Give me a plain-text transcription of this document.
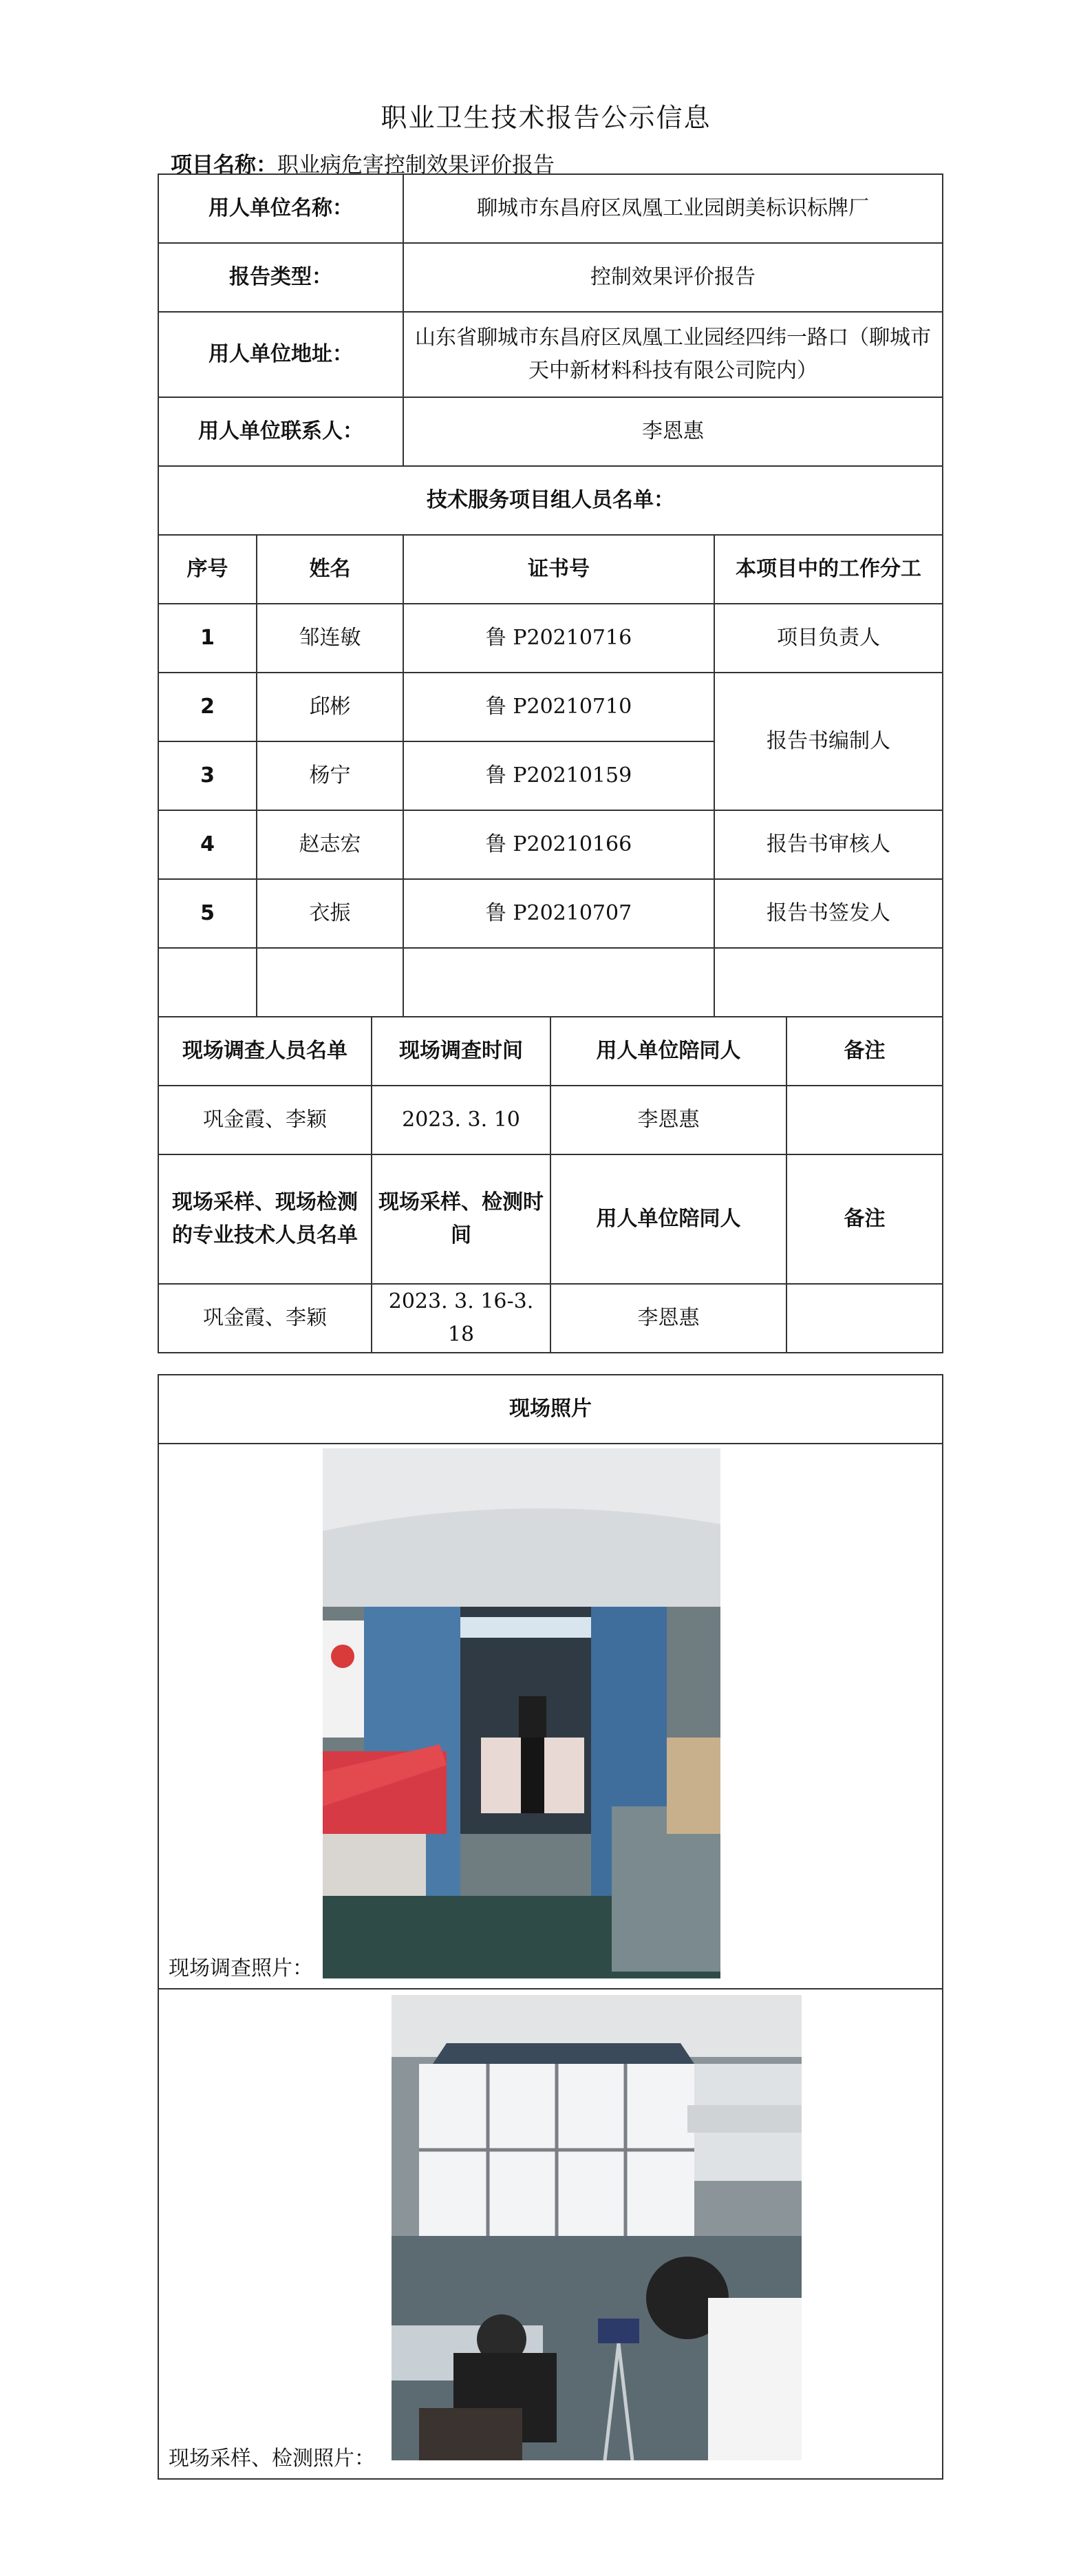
职业卫生技术报告公示信息
项目名称：职业病危害控制效果评价报告
用人单位名称：		聊城市东昌府区凤凰工业园朗美标识标牌厂	
报告类型：		控制效果评价报告	
用人单位地址：		山东省聊城市东昌府区凤凰工业园经四纬一路口（聊城市天中新材料科技有限公司院内）	
用人单位联系人：		李恩惠	
技术服务项目组人员名单：			
序号	姓名	证书号	本项目中的工作分工
1	邹连敏	鲁 P20210716	项目负责人
2	邱彬	鲁 P20210710	报告书编制人
3	杨宁	鲁 P20210159	
4	赵志宏	鲁 P20210166	报告书审核人
5	衣振	鲁 P20210707	报告书签发人

现场调查人员名单	现场调查时间	用人单位陪同人	备注
巩金霞、李颖	2023. 3. 10	李恩惠	
现场采样、现场检测的专业技术人员名单	现场采样、检测时间	用人单位陪同人	备注
巩金霞、李颖	2023. 3. 16-3. 18	李恩惠	
现场照片

现场调查照片：

现场采样、检测照片：
